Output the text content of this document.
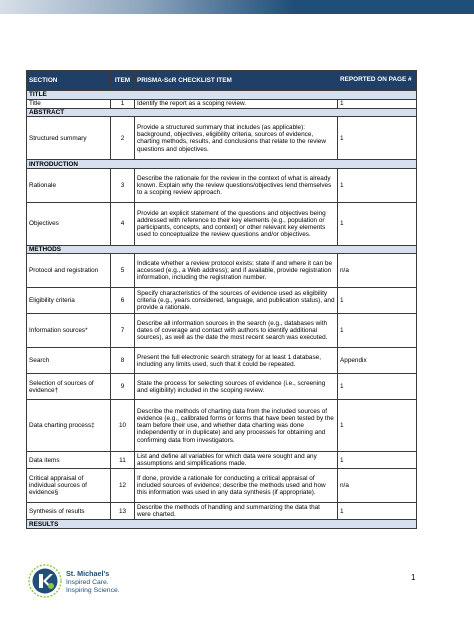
SECTION	ITEM	PRISMA-ScR CHECKLIST ITEM	REPORTED ON PAGE #
TITLE			
Title	1	Identify the report as a scoping review.	1
ABSTRACT			
Structured summary	2	Provide a structured summary that includes (as applicable): background, objectives, eligibility criteria, sources of evidence, charting methods, results, and conclusions that relate to the review questions and objectives.	1
INTRODUCTION			
Rationale	3	Describe the rationale for the review in the context of what is already known. Explain why the review questions/objectives lend themselves to a scoping review approach.	1
Objectives	4	Provide an explicit statement of the questions and objectives being addressed with reference to their key elements (e.g., population or participants, concepts, and context) or other relevant key elements used to conceptualize the review questions and/or objectives.	1
METHODS			
Protocol and registration	5	Indicate whether a review protocol exists; state if and where it can be accessed (e.g., a Web address); and if available, provide registration information, including the registration number.	n/a
Eligibility criteria	6	Specify characteristics of the sources of evidence used as eligibility criteria (e.g., years considered, language, and publication status), and provide a rationale.	1
Information sources*	7	Describe all information sources in the search (e.g., databases with dates of coverage and contact with authors to identify additional sources), as well as the date the most recent search was executed.	1
Search	8	Present the full electronic search strategy for at least 1 database, including any limits used, such that it could be repeated.	Appendix
Selection of sources of evidence†	9	State the process for selecting sources of evidence (i.e., screening and eligibility) included in the scoping review.	1
Data charting process‡	10	Describe the methods of charting data from the included sources of evidence (e.g., calibrated forms or forms that have been tested by the team before their use, and whether data charting was done independently or in duplicate) and any processes for obtaining and confirming data from investigators.	1
Data items	11	List and define all variables for which data were sought and any assumptions and simplifications made.	1
Critical appraisal of individual sources of evidence§	12	If done, provide a rationale for conducting a critical appraisal of included sources of evidence; describe the methods used and how this information was used in any data synthesis (if appropriate).	n/a
Synthesis of results	13	Describe the methods of handling and summarizing the data that were charted.	1
RESULTS			
St. Michael's
Inspired Care.
Inspiring Science.
1
